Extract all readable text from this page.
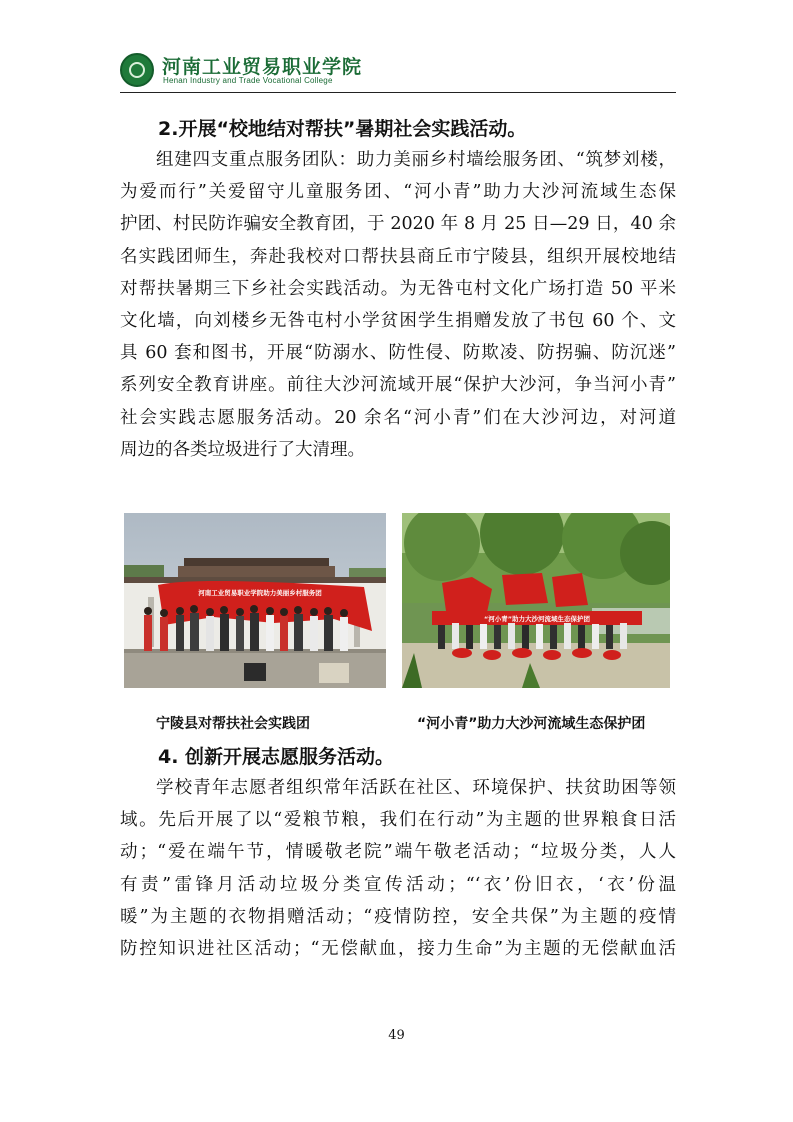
河南工业贸易职业学院
Henan Industry and Trade Vocational College
2.开展“校地结对帮扶”暑期社会实践活动。
组建四支重点服务团队：助力美丽乡村墙绘服务团、“筑梦刘楼，
为爱而行”关爱留守儿童服务团、“河小青”助力大沙河流域生态保
护团、村民防诈骗安全教育团，于 2020 年 8 月 25 日—29 日，40 余
名实践团师生，奔赴我校对口帮扶县商丘市宁陵县，组织开展校地结
对帮扶暑期三下乡社会实践活动。为无咎屯村文化广场打造 50 平米
文化墙，向刘楼乡无咎屯村小学贫困学生捐赠发放了书包 60 个、文
具 60 套和图书，开展“防溺水、防性侵、防欺凌、防拐骗、防沉迷”
系列安全教育讲座。前往大沙河流域开展“保护大沙河，争当河小青”
社会实践志愿服务活动。20 余名“河小青”们在大沙河边，对河道
周边的各类垃圾进行了大清理。
河南工业贸易职业学院助力美丽乡村服务团
“河小青”助力大沙河流域生态保护团
宁陵县对帮扶社会实践团	“河小青”助力大沙河流域生态保护团
4. 创新开展志愿服务活动。
学校青年志愿者组织常年活跃在社区、环境保护、扶贫助困等领
域。先后开展了以“爱粮节粮，我们在行动”为主题的世界粮食日活
动；“爱在端午节，情暖敬老院”端午敬老活动；“垃圾分类，人人
有责”雷锋月活动垃圾分类宣传活动；“‘衣’份旧衣，‘衣’份温
暖”为主题的衣物捐赠活动；“疫情防控，安全共保”为主题的疫情
防控知识进社区活动；“无偿献血，接力生命”为主题的无偿献血活
49
